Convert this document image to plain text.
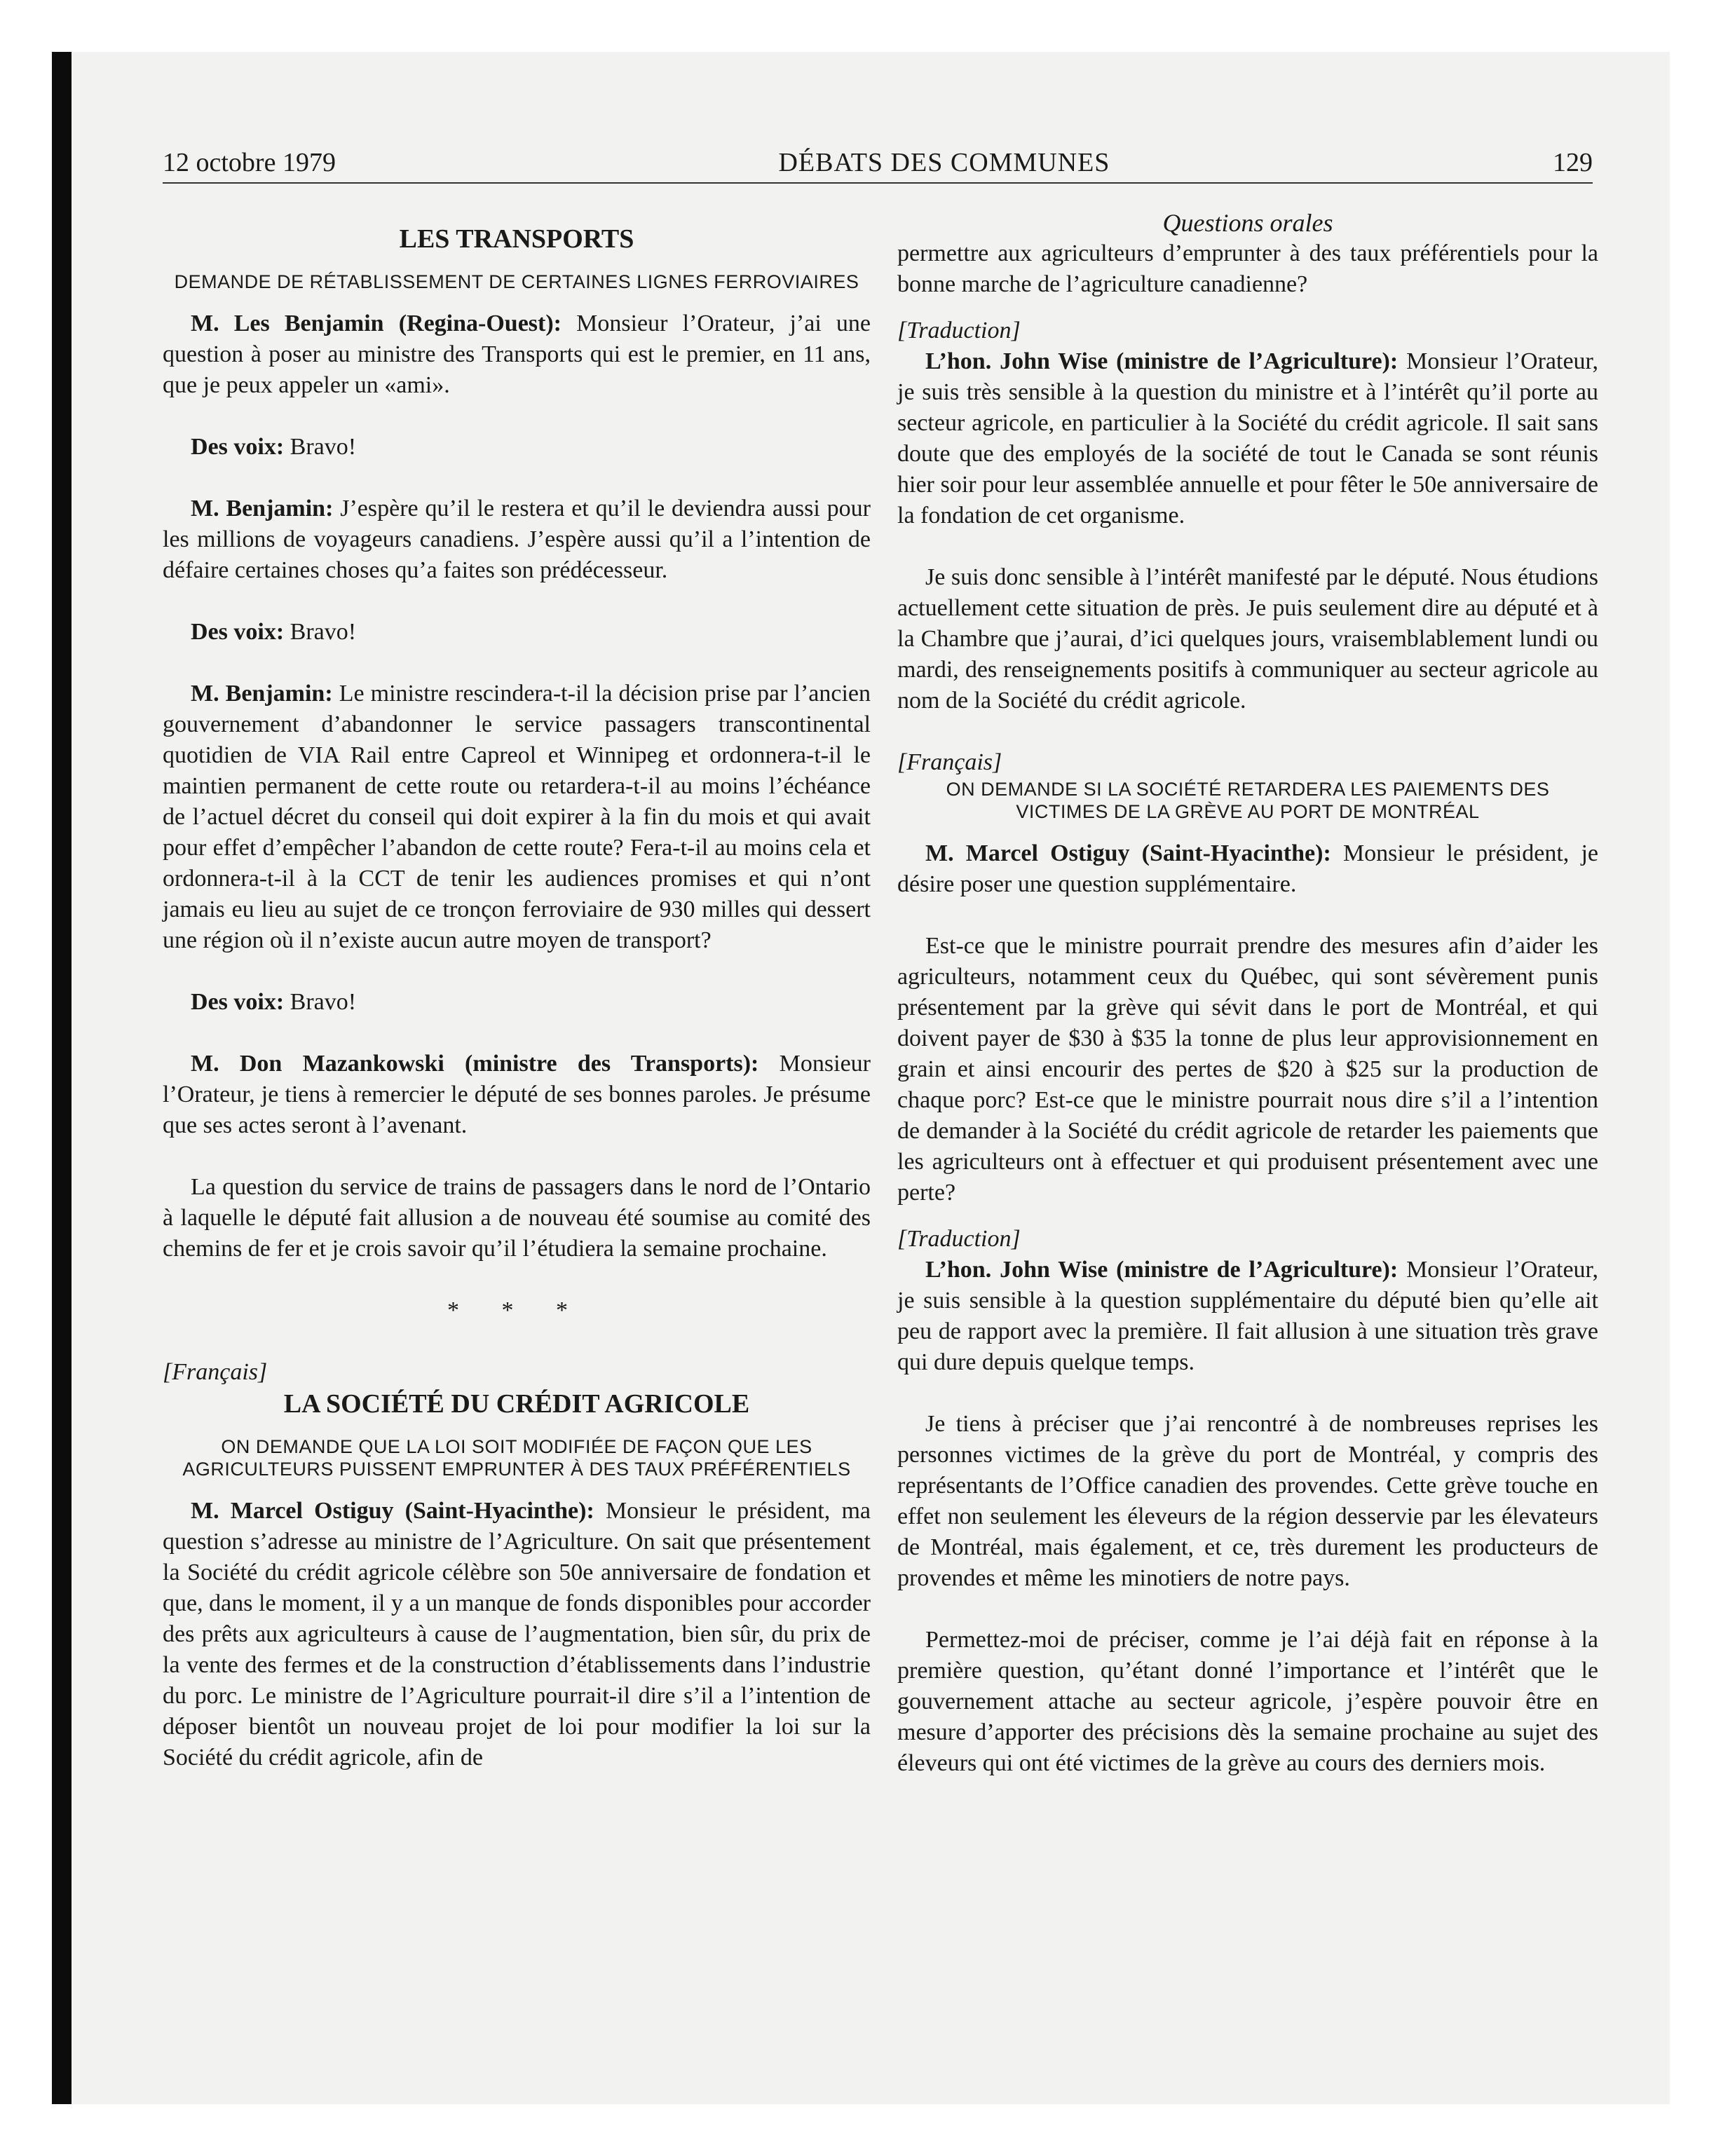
12 octobre 1979	DÉBATS DES COMMUNES	129
LES TRANSPORTS
DEMANDE DE RÉTABLISSEMENT DE CERTAINES LIGNES FERROVIAIRES

M. Les Benjamin (Regina-Ouest): Monsieur l’Orateur, j’ai une question à poser au ministre des Transports qui est le premier, en 11 ans, que je peux appeler un «ami».

Des voix: Bravo!

M. Benjamin: J’espère qu’il le restera et qu’il le deviendra aussi pour les millions de voyageurs canadiens. J’espère aussi qu’il a l’intention de défaire certaines choses qu’a faites son prédécesseur.

Des voix: Bravo!

M. Benjamin: Le ministre rescindera-t-il la décision prise par l’ancien gouvernement d’abandonner le service passagers transcontinental quotidien de VIA Rail entre Capreol et Winnipeg et ordonnera-t-il le maintien permanent de cette route ou retardera-t-il au moins l’échéance de l’actuel décret du conseil qui doit expirer à la fin du mois et qui avait pour effet d’empêcher l’abandon de cette route? Fera-t-il au moins cela et ordonnera-t-il à la CCT de tenir les audiences promises et qui n’ont jamais eu lieu au sujet de ce tronçon ferroviaire de 930 milles qui dessert une région où il n’existe aucun autre moyen de transport?

Des voix: Bravo!

M. Don Mazankowski (ministre des Transports): Monsieur l’Orateur, je tiens à remercier le député de ses bonnes paroles. Je présume que ses actes seront à l’avenant.

La question du service de trains de passagers dans le nord de l’Ontario à laquelle le député fait allusion a de nouveau été soumise au comité des chemins de fer et je crois savoir qu’il l’étudiera la semaine prochaine.

* * *
[Français]
LA SOCIÉTÉ DU CRÉDIT AGRICOLE
ON DEMANDE QUE LA LOI SOIT MODIFIÉE DE FAÇON QUE LES AGRICULTEURS PUISSENT EMPRUNTER À DES TAUX PRÉFÉRENTIELS

M. Marcel Ostiguy (Saint-Hyacinthe): Monsieur le président, ma question s’adresse au ministre de l’Agriculture. On sait que présentement la Société du crédit agricole célèbre son 50e anniversaire de fondation et que, dans le moment, il y a un manque de fonds disponibles pour accorder des prêts aux agriculteurs à cause de l’augmentation, bien sûr, du prix de la vente des fermes et de la construction d’établissements dans l’industrie du porc. Le ministre de l’Agriculture pourrait-il dire s’il a l’intention de déposer bientôt un nouveau projet de loi pour modifier la loi sur la Société du crédit agricole, afin de

Questions orales

permettre aux agriculteurs d’emprunter à des taux préférentiels pour la bonne marche de l’agriculture canadienne?

[Traduction]

L’hon. John Wise (ministre de l’Agriculture): Monsieur l’Orateur, je suis très sensible à la question du ministre et à l’intérêt qu’il porte au secteur agricole, en particulier à la Société du crédit agricole. Il sait sans doute que des employés de la société de tout le Canada se sont réunis hier soir pour leur assemblée annuelle et pour fêter le 50e anniversaire de la fondation de cet organisme.

Je suis donc sensible à l’intérêt manifesté par le député. Nous étudions actuellement cette situation de près. Je puis seulement dire au député et à la Chambre que j’aurai, d’ici quelques jours, vraisemblablement lundi ou mardi, des renseignements positifs à communiquer au secteur agricole au nom de la Société du crédit agricole.

[Français]
ON DEMANDE SI LA SOCIÉTÉ RETARDERA LES PAIEMENTS DES VICTIMES DE LA GRÈVE AU PORT DE MONTRÉAL

M. Marcel Ostiguy (Saint-Hyacinthe): Monsieur le président, je désire poser une question supplémentaire.

Est-ce que le ministre pourrait prendre des mesures afin d’aider les agriculteurs, notamment ceux du Québec, qui sont sévèrement punis présentement par la grève qui sévit dans le port de Montréal, et qui doivent payer de $30 à $35 la tonne de plus leur approvisionnement en grain et ainsi encourir des pertes de $20 à $25 sur la production de chaque porc? Est-ce que le ministre pourrait nous dire s’il a l’intention de demander à la Société du crédit agricole de retarder les paiements que les agriculteurs ont à effectuer et qui produisent présentement avec une perte?

[Traduction]

L’hon. John Wise (ministre de l’Agriculture): Monsieur l’Orateur, je suis sensible à la question supplémentaire du député bien qu’elle ait peu de rapport avec la première. Il fait allusion à une situation très grave qui dure depuis quelque temps.

Je tiens à préciser que j’ai rencontré à de nombreuses reprises les personnes victimes de la grève du port de Montréal, y compris des représentants de l’Office canadien des provendes. Cette grève touche en effet non seulement les éleveurs de la région desservie par les élevateurs de Montréal, mais également, et ce, très durement les producteurs de provendes et même les minotiers de notre pays.

Permettez-moi de préciser, comme je l’ai déjà fait en réponse à la première question, qu’étant donné l’importance et l’intérêt que le gouvernement attache au secteur agricole, j’espère pouvoir être en mesure d’apporter des précisions dès la semaine prochaine au sujet des éleveurs qui ont été victimes de la grève au cours des derniers mois.
